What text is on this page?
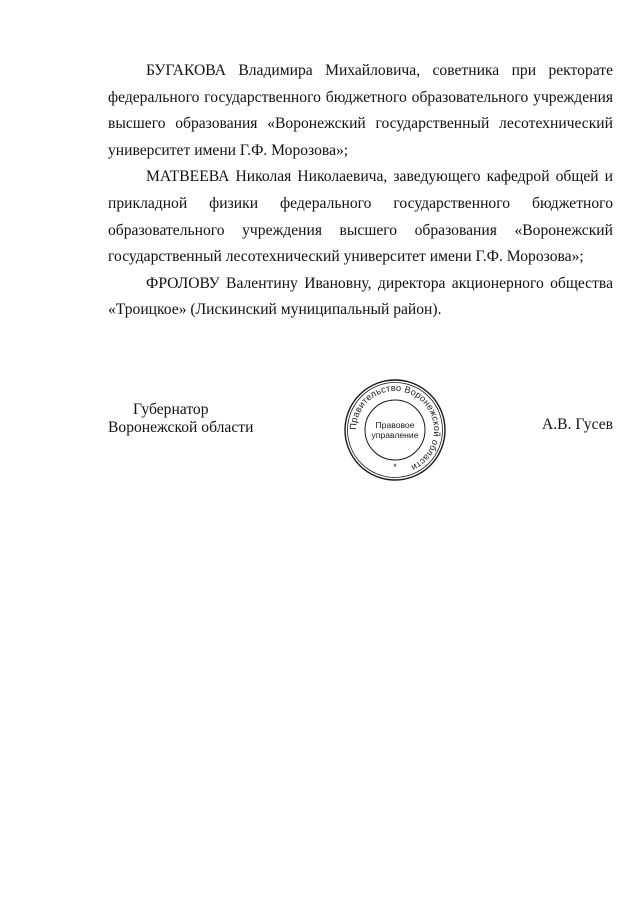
БУГАКОВА Владимира Михайловича, советника при ректорате федерального государственного бюджетного образовательного учреждения высшего образования «Воронежский государственный лесотехнический университет имени Г.Ф. Морозова»;

МАТВЕЕВА Николая Николаевича, заведующего кафедрой общей и прикладной физики федерального государственного бюджетного образовательного учреждения высшего образования «Воронежский государственный лесотехнический университет имени Г.Ф. Морозова»;

ФРОЛОВУ Валентину Ивановну, директора акционерного общества «Троицкое» (Лискинский муниципальный район).

Губернатор
Воронежской области	Правительство Воронежской области
Правовое
управление
*
А.В. Гусев
